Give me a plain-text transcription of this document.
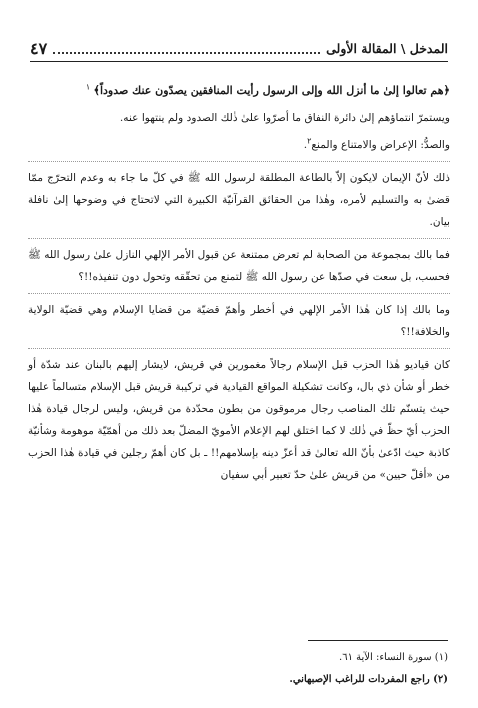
المدخل \ المقالة الأولى
٤٧

﴿هم تعالوا إلىٰ ما أنزل الله وإلى الرسول رأيت المنافقين يصدّون عنك صدوداً﴾ $^١$

ويستمرّ انتماؤهم إلىٰ دائرة النفاق ما أصرّوا علىٰ ذٰلك الصدود ولم ينتهوا عنه.

والصدُّ: الإعراض والامتناع والمنع$^٢$.

ذلك لأنّ الإيمان لايكون إلاّ بالطاعة المطلقة لرسول الله ﷺ في كلّ ما جاء به وعدم التحرّج ممّا قضىٰ به والتسليم لأمره، وهٰذا من الحقائق القرآنيّة الكبيرة التي لاتحتاج في وضوحها إلىٰ نافلة بيان.

فما بالك بمجموعة من الصحابة لم تعرض ممتنعة عن قبول الأمر الإلهي النازل علىٰ رسول الله ﷺ فحسب، بل سعت في صدّها عن رسول الله ﷺ لتمنع من تحقّقه وتحول دون تنفيذه!!؟

وما بالك إذا كان هٰذا الأمر الإلهي في أخطر وأهمّ قضيّة من قضايا الإسلام وهي قضيّة الولاية والخلافة!!؟

كان قياديو هٰذا الحزب قبل الإسلام رجالاً مغمورين في قريش، لايشار إليهم بالبنان عند شدّة أو خطر أو شأن ذي بال، وكانت تشكيلة المواقع القيادية في تركيبة قريش قبل الإسلام متسالماً عليها حيث يتسنّم تلك المناصب رجال مرموقون من بطون محدّدة من قريش، وليس لرجال قيادة هٰذا الحزب أيّ حظّ في ذٰلك لا كما اختلق لهم الإعلام الأمويّ المضلّ بعد ذلك من أهمّيّة موهومة وشأنيّة كاذبة حيث ادّعىٰ بأنّ الله تعالىٰ قد أعزّ دينه بإسلامهم!! ـ بل كان أهمّ رجلين في قيادة هٰذا الحزب من «أقلّ حيين» من قريش علىٰ حدّ تعبير أبي سفيان

(١) سورة النساء: الآية ٦١.

(٢) راجع المفردات للراغب الإصبهاني.
